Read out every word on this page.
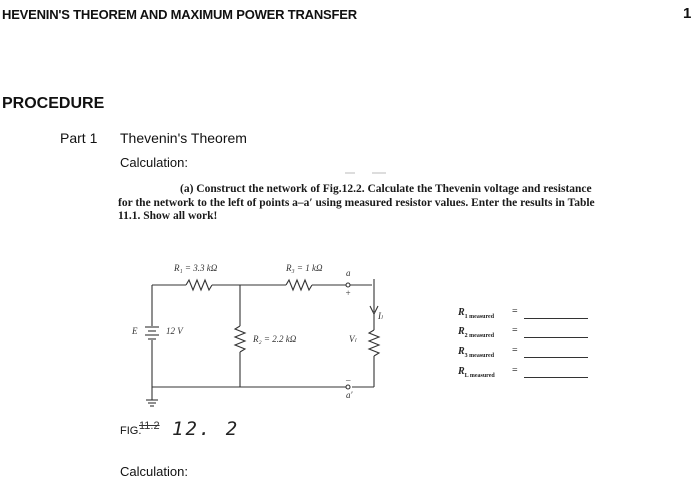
HEVENIN'S THEOREM AND MAXIMUM POWER TRANSFER	1
PROCEDURE
Part 1 Thevenin's Theorem
Calculation:
(a) Construct the network of Fig.12.2. Calculate the Thevenin voltage and resistance
for the network to the left of points a–a′ using measured resistor values. Enter the results in Table
11.1. Show all work!
R₁ = 3.3 kΩ	R₃ = 1 kΩ
R₂ = 2.2 kΩ
E	12 V
a
+
–
a′
Vₗ
Iₗ	$R_{1 measured}$ =
$R_{2 measured}$ =
$R_{3 measured}$ =
$R_{L measured}$ =
FIG.
11.2 12. 2
Calculation:
